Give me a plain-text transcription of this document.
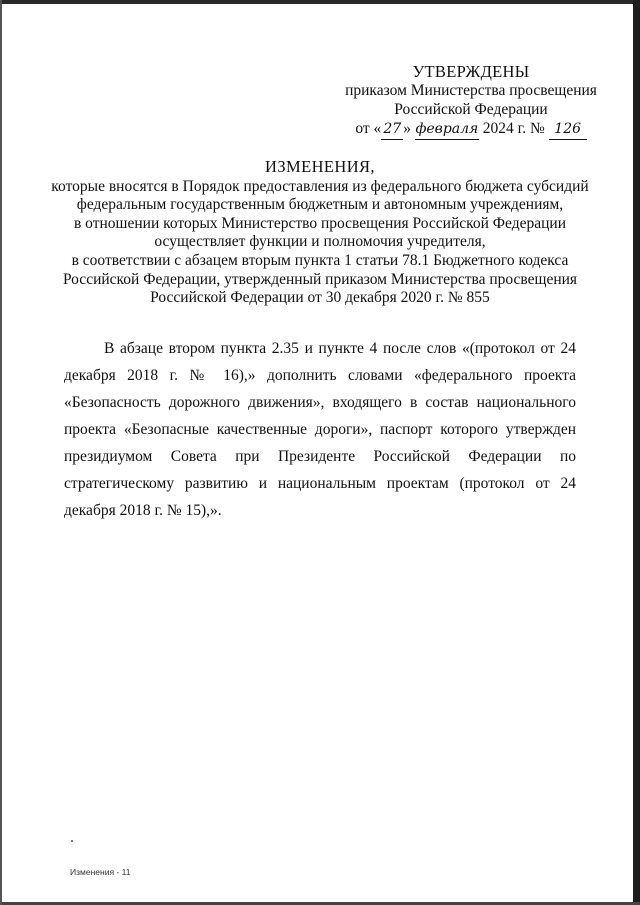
УТВЕРЖДЕНЫ
приказом Министерства просвещения
Российской Федерации
от « 27 » февраля 2024 г. № 126
ИЗМЕНЕНИЯ,
которые вносятся в Порядок предоставления из федерального бюджета субсидий
федеральным государственным бюджетным и автономным учреждениям,
в отношении которых Министерство просвещения Российской Федерации
осуществляет функции и полномочия учредителя,
в соответствии с абзацем вторым пункта 1 статьи 78.1 Бюджетного кодекса
Российской Федерации, утвержденный приказом Министерства просвещения
Российской Федерации от 30 декабря 2020 г. № 855

В абзаце втором пункта 2.35 и пункте 4 после слов «(протокол от 24 декабря 2018 г. № 16),» дополнить словами «федерального проекта «Безопасность дорожного движения», входящего в состав национального проекта «Безопасные качественные дороги», паспорт которого утвержден президиумом Совета при Президенте Российской Федерации по стратегическому развитию и национальным проектам (протокол от 24 декабря 2018 г. № 15),».

Изменения - 11
